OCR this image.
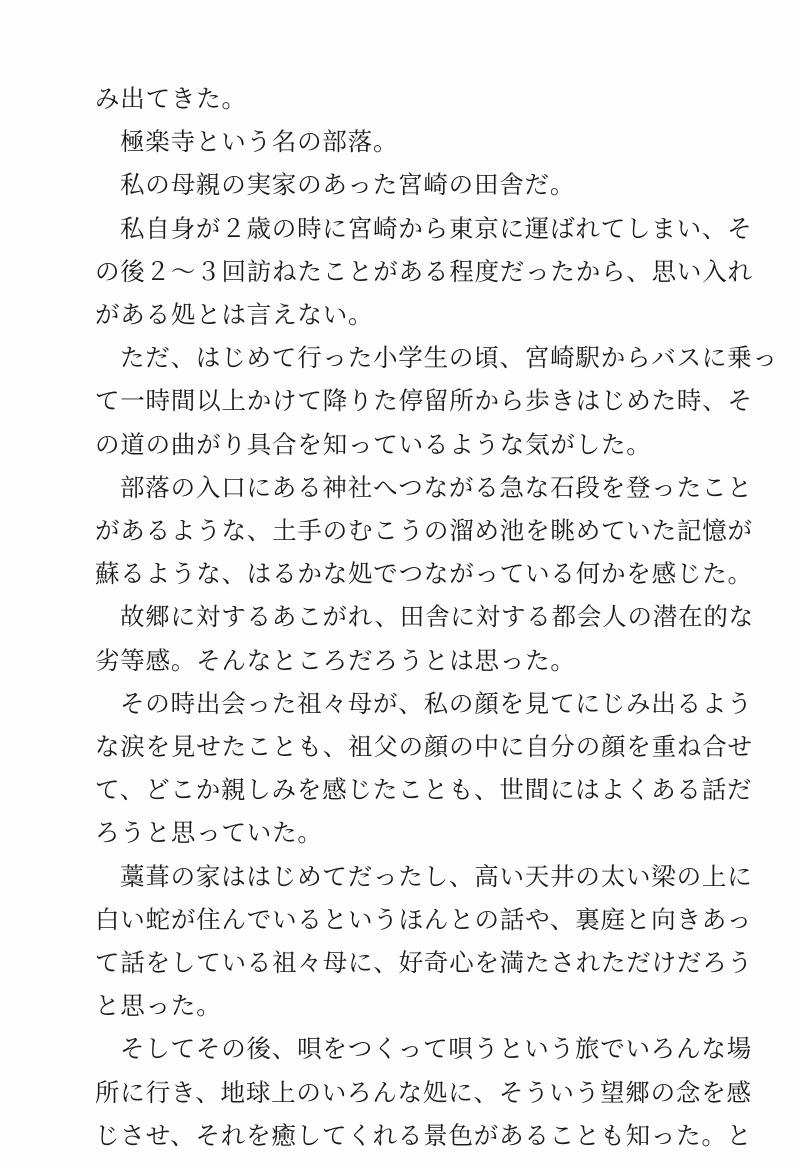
み出てきた。
極楽寺という名の部落。
私の母親の実家のあった宮崎の田舎だ。
私自身が２歳の時に宮崎から東京に運ばれてしまい、そ
の後２〜３回訪ねたことがある程度だったから、思い入れ
がある処とは言えない。
ただ、はじめて行った小学生の頃、宮崎駅からバスに乗っ
て一時間以上かけて降りた停留所から歩きはじめた時、そ
の道の曲がり具合を知っているような気がした。
部落の入口にある神社へつながる急な石段を登ったこと
があるような、土手のむこうの溜め池を眺めていた記憶が
蘇るような、はるかな処でつながっている何かを感じた。
故郷に対するあこがれ、田舎に対する都会人の潜在的な
劣等感。そんなところだろうとは思った。
その時出会った祖々母が、私の顔を見てにじみ出るよう
な涙を見せたことも、祖父の顔の中に自分の顔を重ね合せ
て、どこか親しみを感じたことも、世間にはよくある話だ
ろうと思っていた。
藁葺の家ははじめてだったし、高い天井の太い梁の上に
白い蛇が住んでいるというほんとの話や、裏庭と向きあっ
て話をしている祖々母に、好奇心を満たされただけだろう
と思った。
そしてその後、唄をつくって唄うという旅でいろんな場
所に行き、地球上のいろんな処に、そういう望郷の念を感
じさせ、それを癒してくれる景色があることも知った。と
